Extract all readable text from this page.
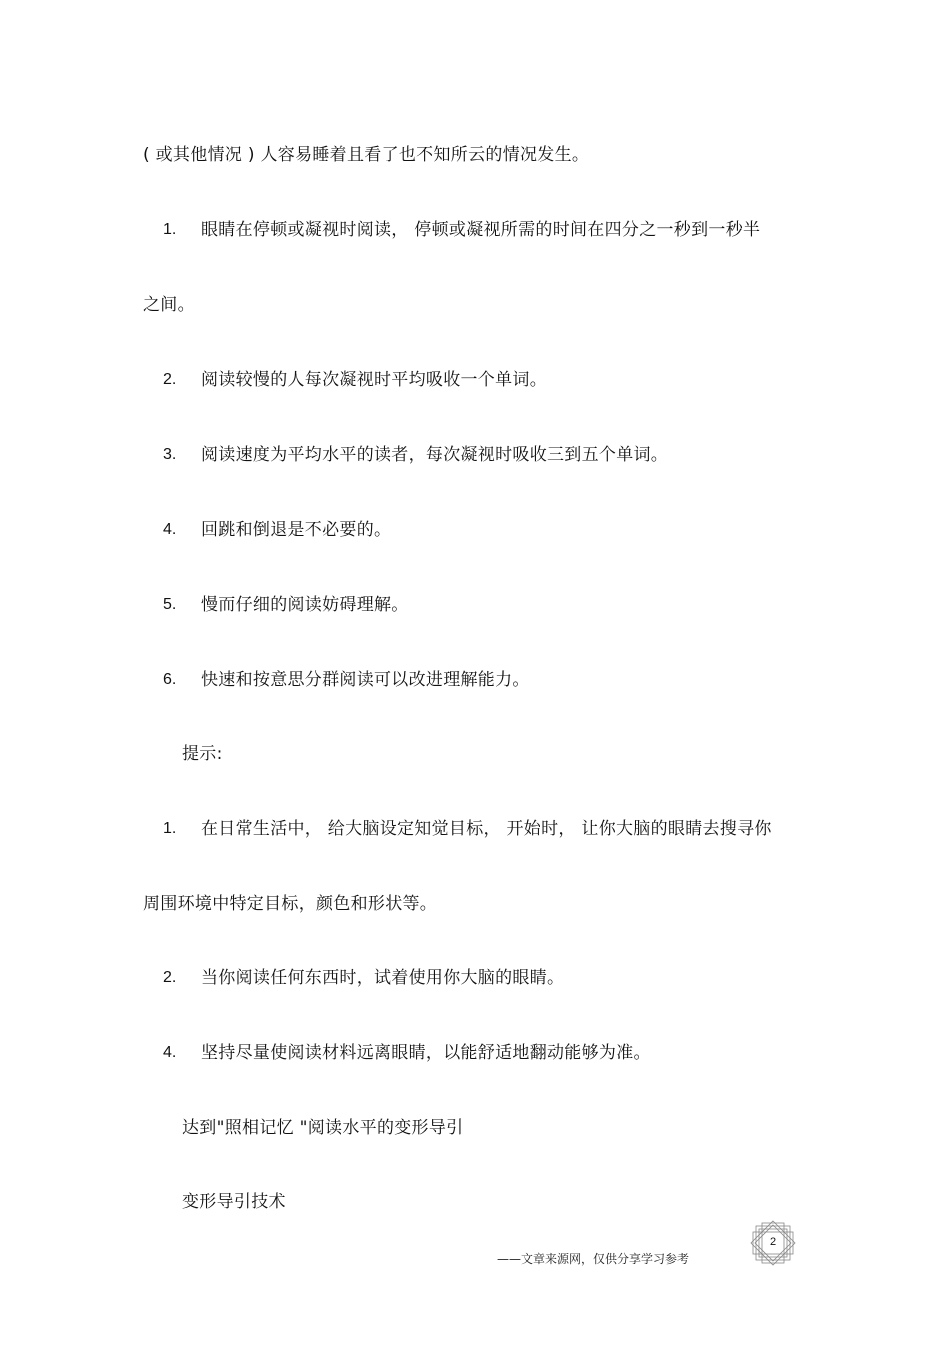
( 或其他情况 ) 人容易睡着且看了也不知所云的情况发生。
1. 眼睛在停顿或凝视时阅读， 停顿或凝视所需的时间在四分之一秒到一秒半
之间。
2. 阅读较慢的人每次凝视时平均吸收一个单词。
3. 阅读速度为平均水平的读者，每次凝视时吸收三到五个单词。
4. 回跳和倒退是不必要的。
5. 慢而仔细的阅读妨碍理解。
6. 快速和按意思分群阅读可以改进理解能力。
提示:
1. 在日常生活中， 给大脑设定知觉目标， 开始时， 让你大脑的眼睛去搜寻你
周围环境中特定目标，颜色和形状等。
2. 当你阅读任何东西时，试着使用你大脑的眼睛。
4. 坚持尽量使阅读材料远离眼睛，以能舒适地翻动能够为准。
达到"照相记忆 "阅读水平的变形导引
变形导引技术
——文章来源网，仅供分享学习参考
2
